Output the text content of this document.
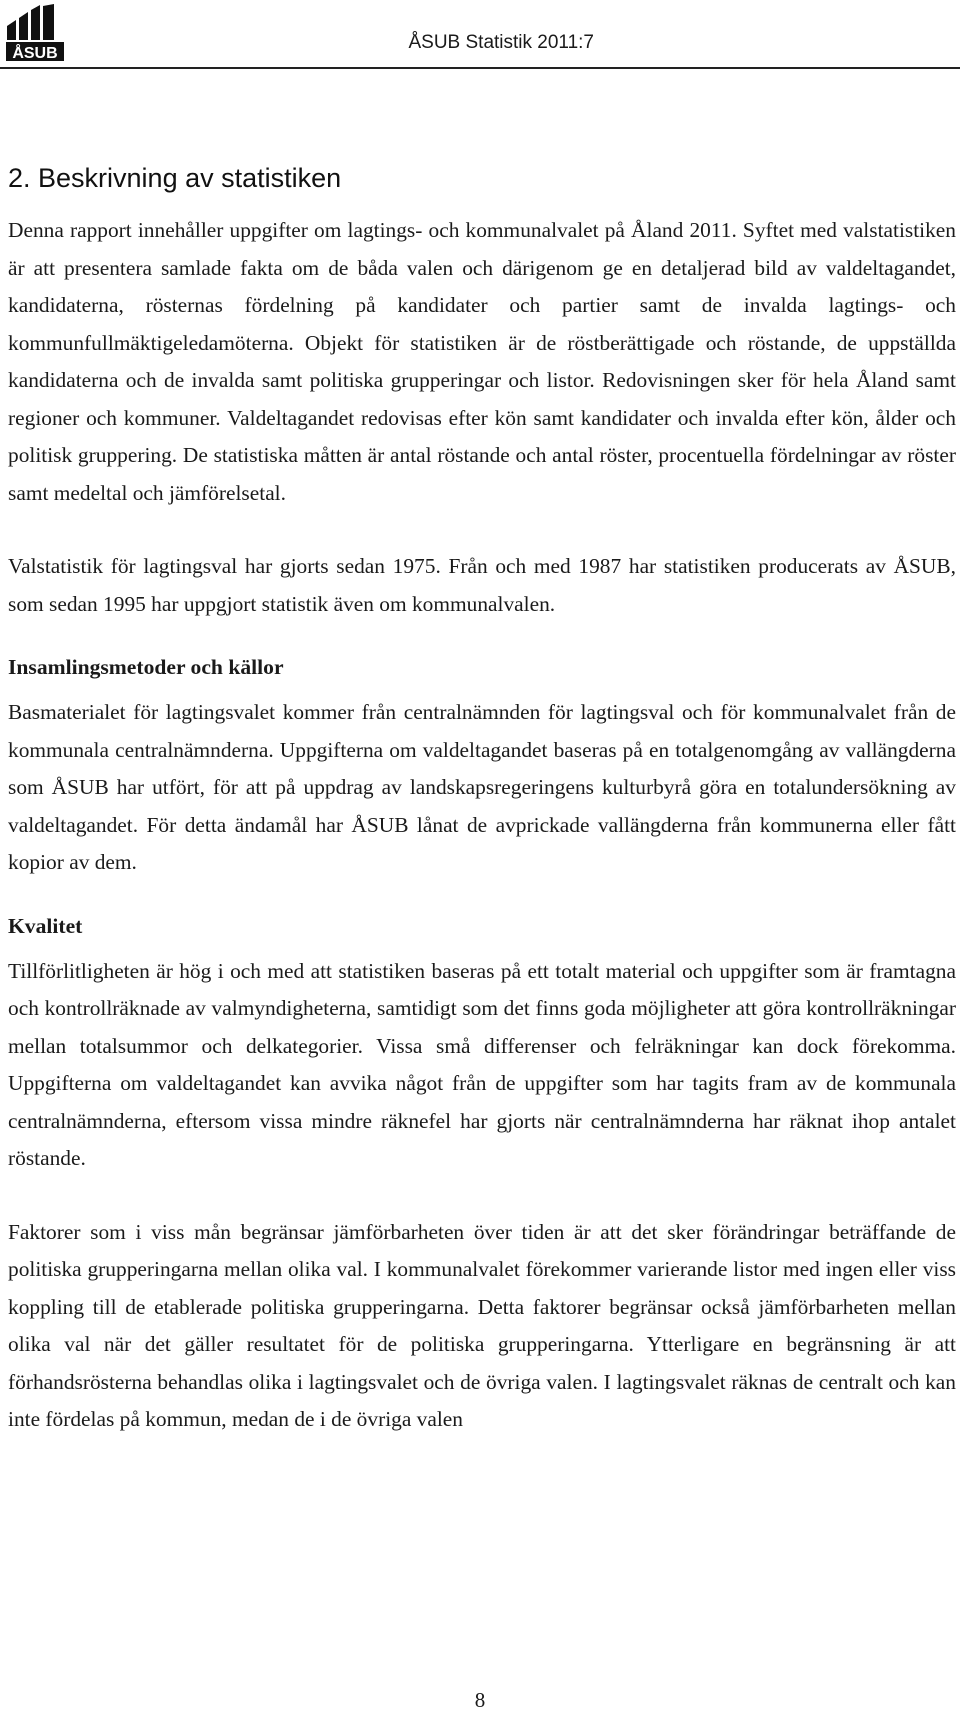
ÅSUB
ÅSUB Statistik 2011:7
2. Beskrivning av statistiken

Denna rapport innehåller uppgifter om lagtings- och kommunalvalet på Åland 2011. Syftet med valstatistiken är att presentera samlade fakta om de båda valen och därigenom ge en detaljerad bild av valdeltagandet, kandidaterna, rösternas fördelning på kandidater och partier samt de invalda lagtings- och kommunfullmäktigeledamöterna. Objekt för statistiken är de röstberättigade och röstande, de uppställda kandidaterna och de invalda samt politiska grupperingar och listor. Redovisningen sker för hela Åland samt regioner och kommuner. Valdeltagandet redovisas efter kön samt kandidater och invalda efter kön, ålder och politisk gruppering. De statistiska måtten är antal röstande och antal röster, procentuella fördelningar av röster samt medeltal och jämförelsetal.

Valstatistik för lagtingsval har gjorts sedan 1975. Från och med 1987 har statistiken producerats av ÅSUB, som sedan 1995 har uppgjort statistik även om kommunalvalen.

Insamlingsmetoder och källor

Basmaterialet för lagtingsvalet kommer från centralnämnden för lagtingsval och för kommunalvalet från de kommunala centralnämnderna. Uppgifterna om valdeltagandet baseras på en totalgenomgång av vallängderna som ÅSUB har utfört, för att på uppdrag av landskapsregeringens kulturbyrå göra en totalundersökning av valdeltagandet. För detta ändamål har ÅSUB lånat de avprickade vallängderna från kommunerna eller fått kopior av dem.

Kvalitet

Tillförlitligheten är hög i och med att statistiken baseras på ett totalt material och uppgifter som är framtagna och kontrollräknade av valmyndigheterna, samtidigt som det finns goda möjligheter att göra kontrollräkningar mellan totalsummor och delkategorier. Vissa små differenser och felräkningar kan dock förekomma. Uppgifterna om valdeltagandet kan avvika något från de uppgifter som har tagits fram av de kommunala centralnämnderna, eftersom vissa mindre räknefel har gjorts när centralnämnderna har räknat ihop antalet röstande.

Faktorer som i viss mån begränsar jämförbarheten över tiden är att det sker förändringar beträffande de politiska grupperingarna mellan olika val. I kommunalvalet förekommer varierande listor med ingen eller viss koppling till de etablerade politiska grupperingarna. Detta faktorer begränsar också jämförbarheten mellan olika val när det gäller resultatet för de politiska grupperingarna. Ytterligare en begränsning är att förhandsrösterna behandlas olika i lagtingsvalet och de övriga valen. I lagtingsvalet räknas de centralt och kan inte fördelas på kommun, medan de i de övriga valen

8
